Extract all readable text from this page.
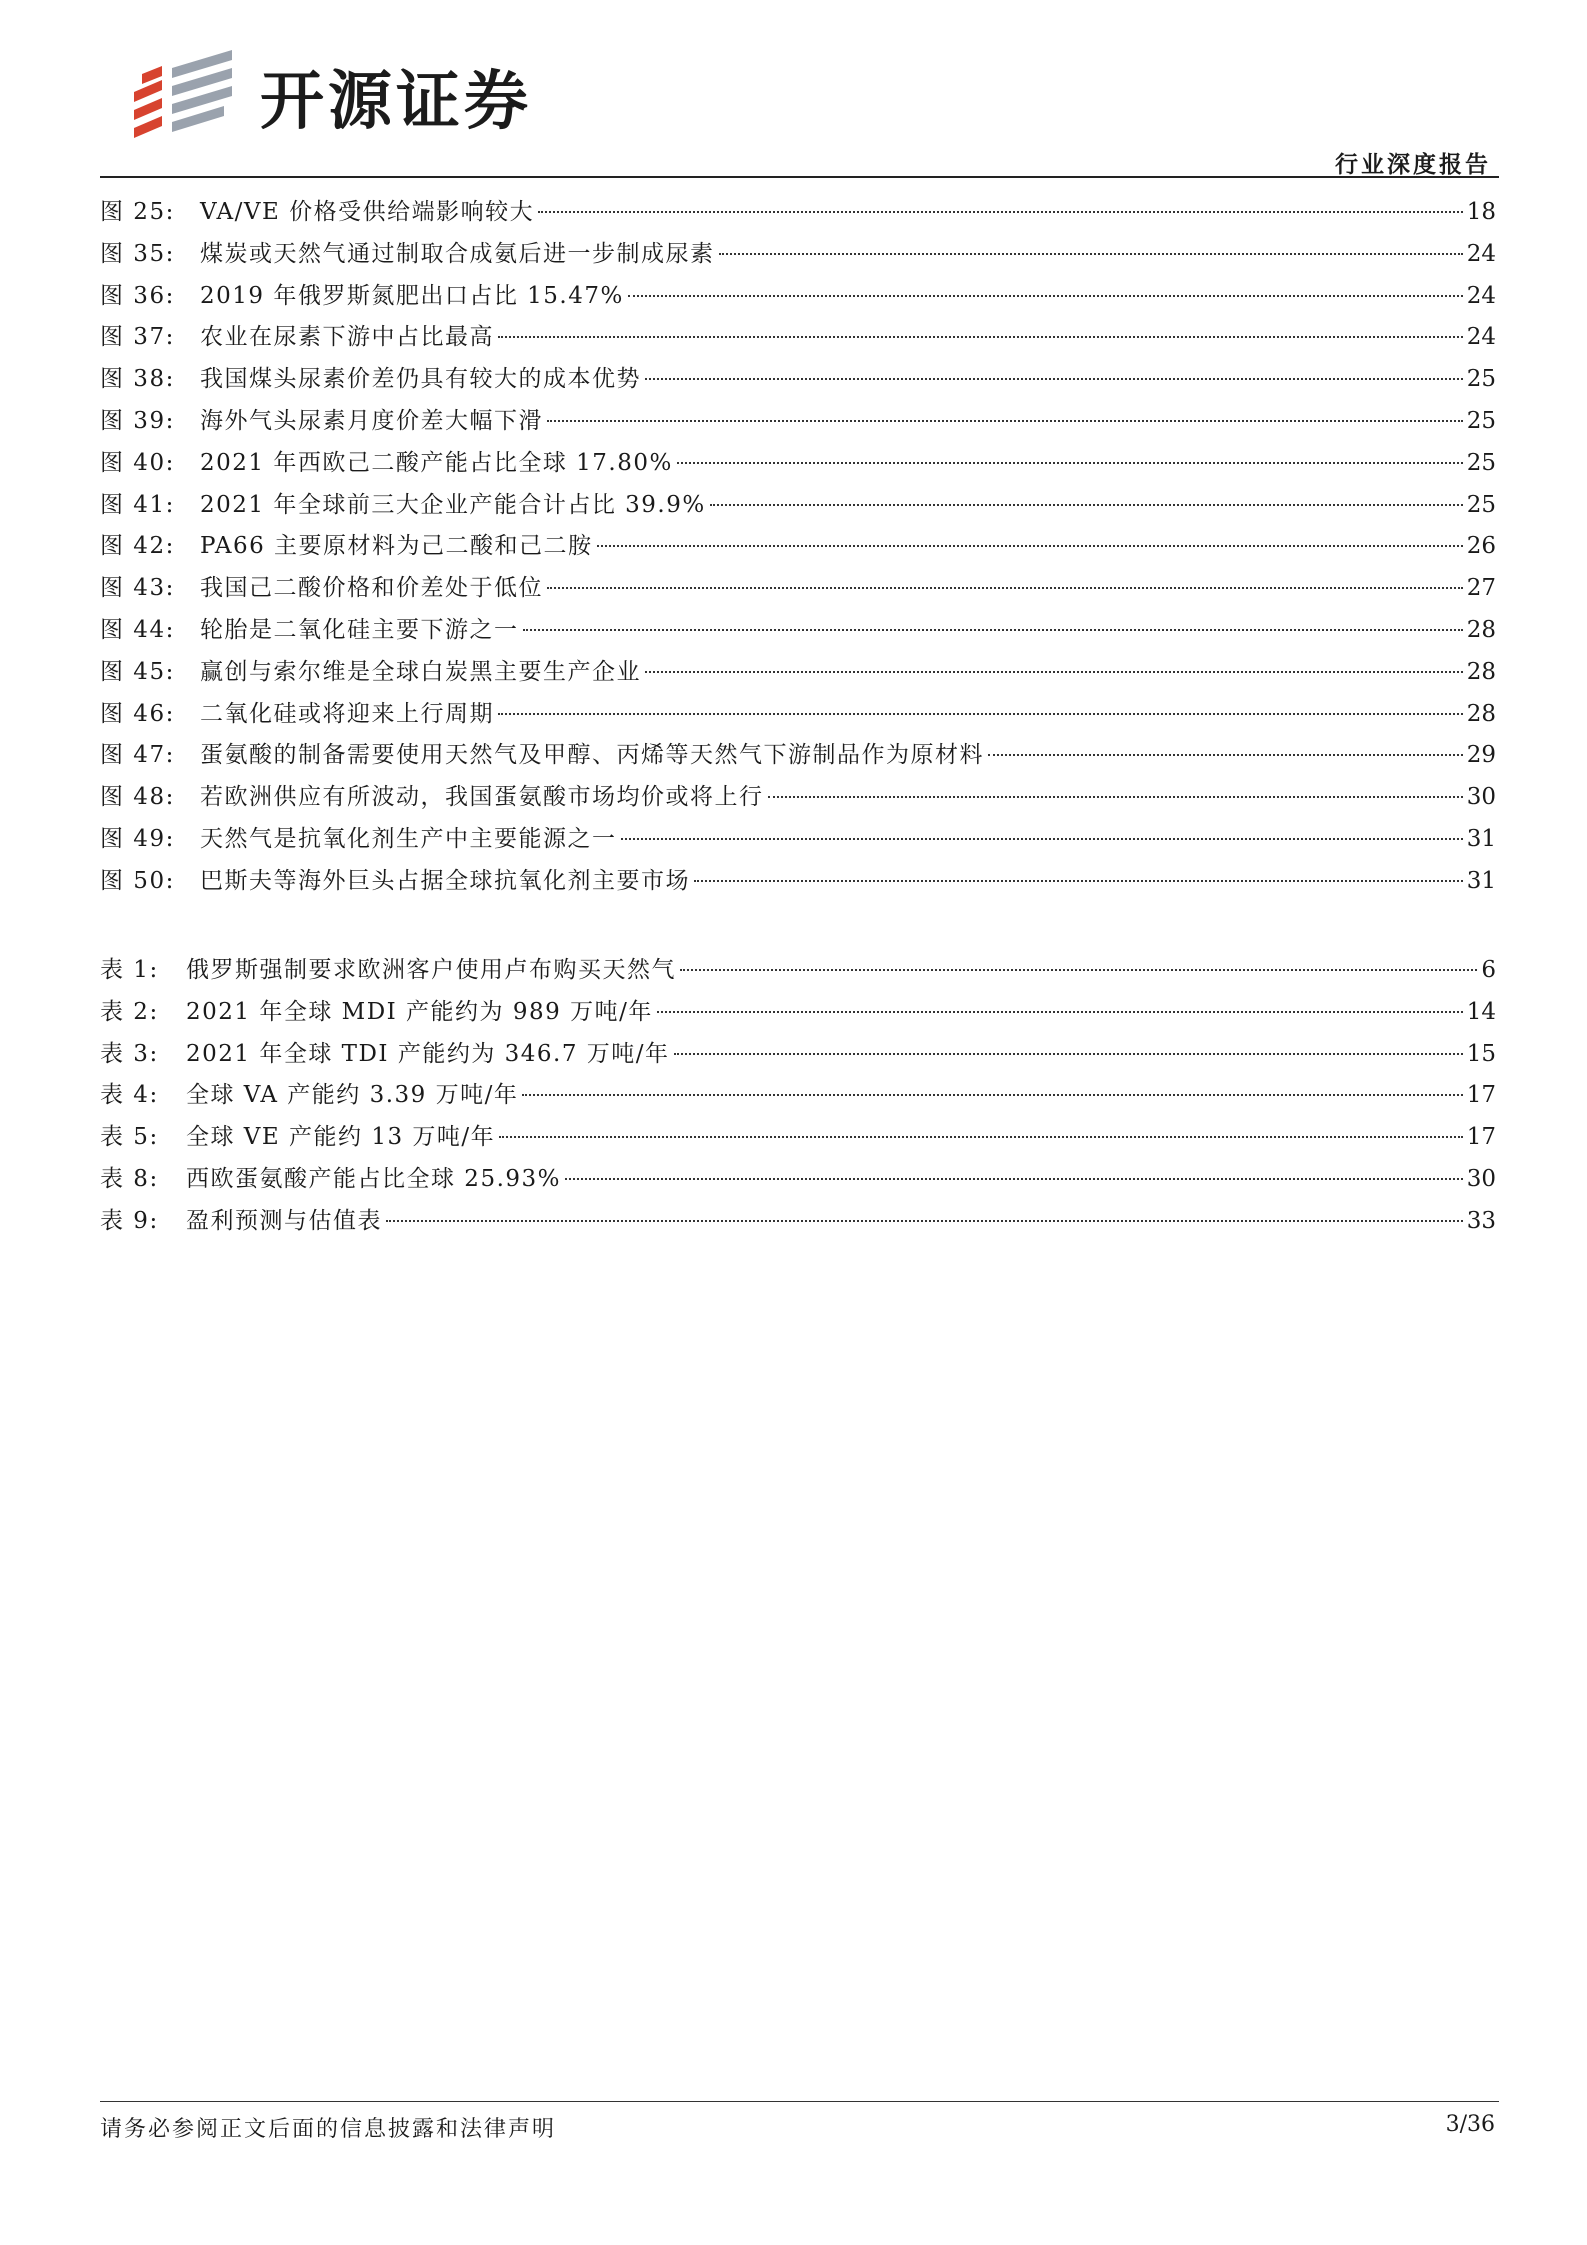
开源证券
行业深度报告
图 25:	VA/VE 价格受供给端影响较大	18
图 35:	煤炭或天然气通过制取合成氨后进一步制成尿素	24
图 36:	2019 年俄罗斯氮肥出口占比 15.47%	24
图 37:	农业在尿素下游中占比最高	24
图 38:	我国煤头尿素价差仍具有较大的成本优势	25
图 39:	海外气头尿素月度价差大幅下滑	25
图 40:	2021 年西欧己二酸产能占比全球 17.80%	25
图 41:	2021 年全球前三大企业产能合计占比 39.9%	25
图 42:	PA66 主要原材料为己二酸和己二胺	26
图 43:	我国己二酸价格和价差处于低位	27
图 44:	轮胎是二氧化硅主要下游之一	28
图 45:	赢创与索尔维是全球白炭黑主要生产企业	28
图 46:	二氧化硅或将迎来上行周期	28
图 47:	蛋氨酸的制备需要使用天然气及甲醇、丙烯等天然气下游制品作为原材料	29
图 48:	若欧洲供应有所波动，我国蛋氨酸市场均价或将上行	30
图 49:	天然气是抗氧化剂生产中主要能源之一	31
图 50:	巴斯夫等海外巨头占据全球抗氧化剂主要市场	31
表 1:	俄罗斯强制要求欧洲客户使用卢布购买天然气	6
表 2:	2021 年全球 MDI 产能约为 989 万吨/年	14
表 3:	2021 年全球 TDI 产能约为 346.7 万吨/年	15
表 4:	全球 VA 产能约 3.39 万吨/年	17
表 5:	全球 VE 产能约 13 万吨/年	17
表 8:	西欧蛋氨酸产能占比全球 25.93%	30
表 9:	盈利预测与估值表	33
请务必参阅正文后面的信息披露和法律声明	3/36
